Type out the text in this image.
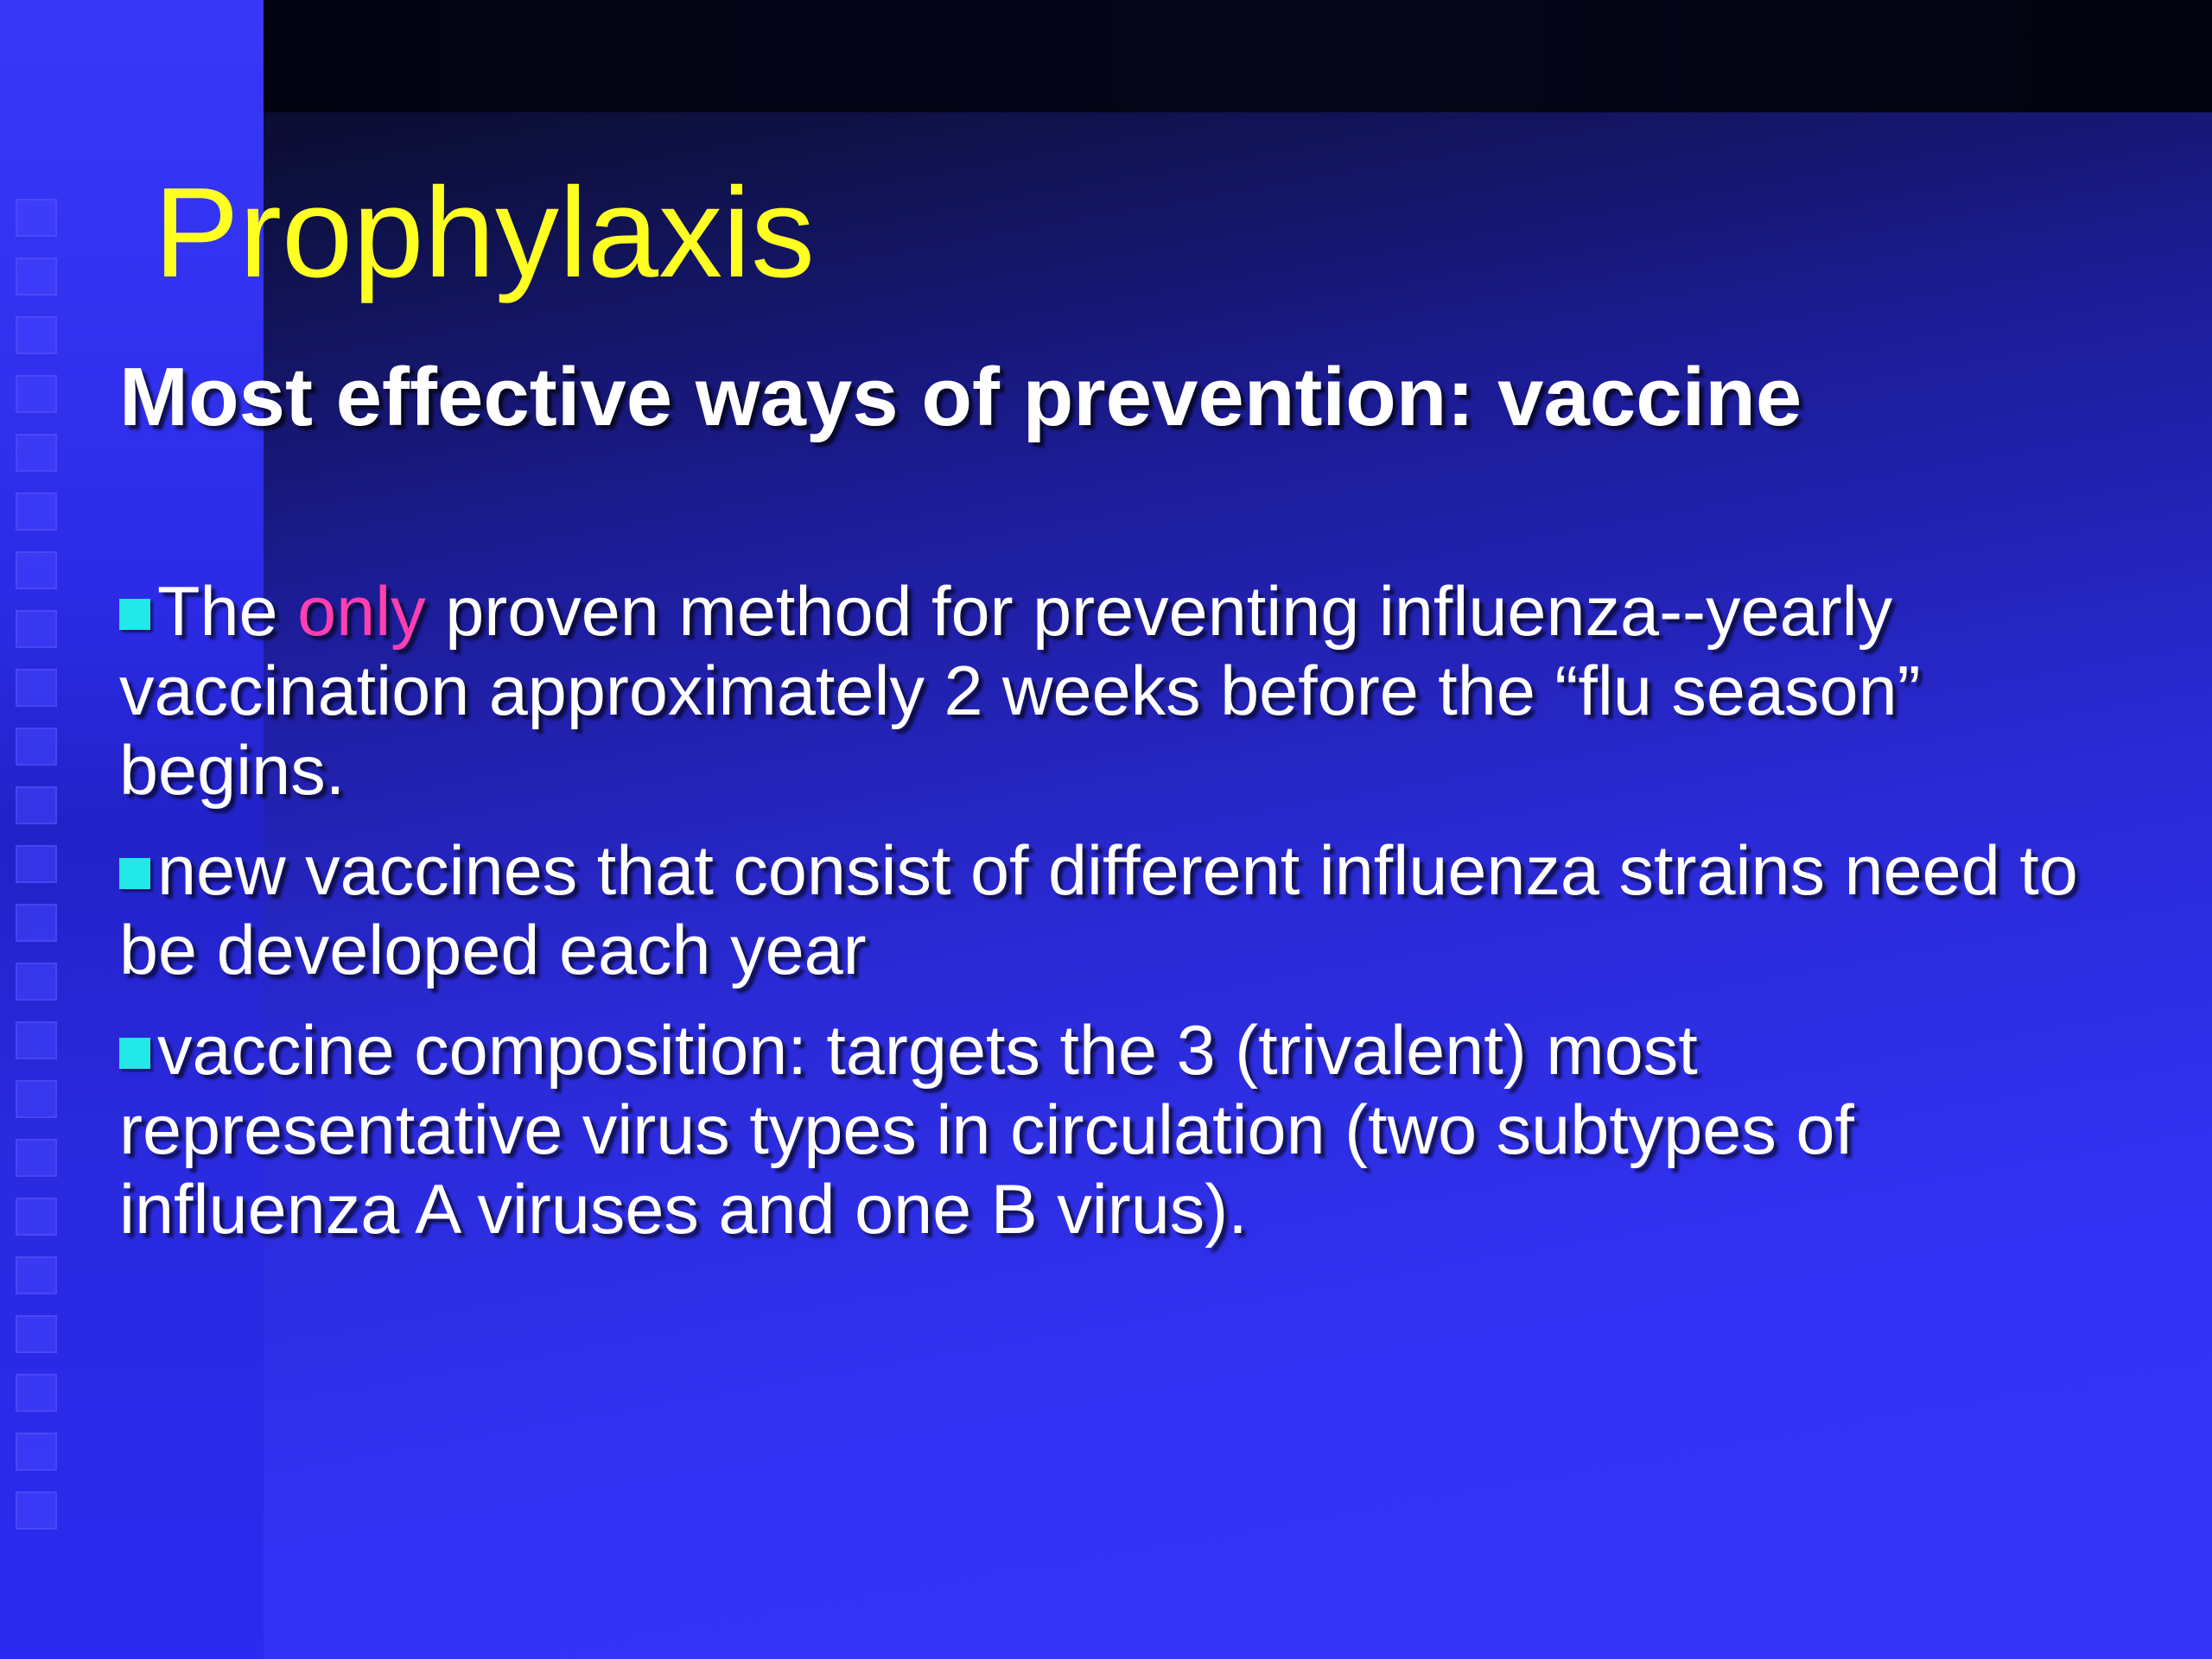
Prophylaxis
Most effective ways of prevention: vaccine
The only proven method for preventing influenza--yearly vaccination approximately 2 weeks before the “flu season” begins.
new vaccines that consist of different influenza strains need to be developed each year
vaccine composition: targets the 3 (trivalent) most representative virus types in circulation (two subtypes of influenza A viruses and one B virus).
